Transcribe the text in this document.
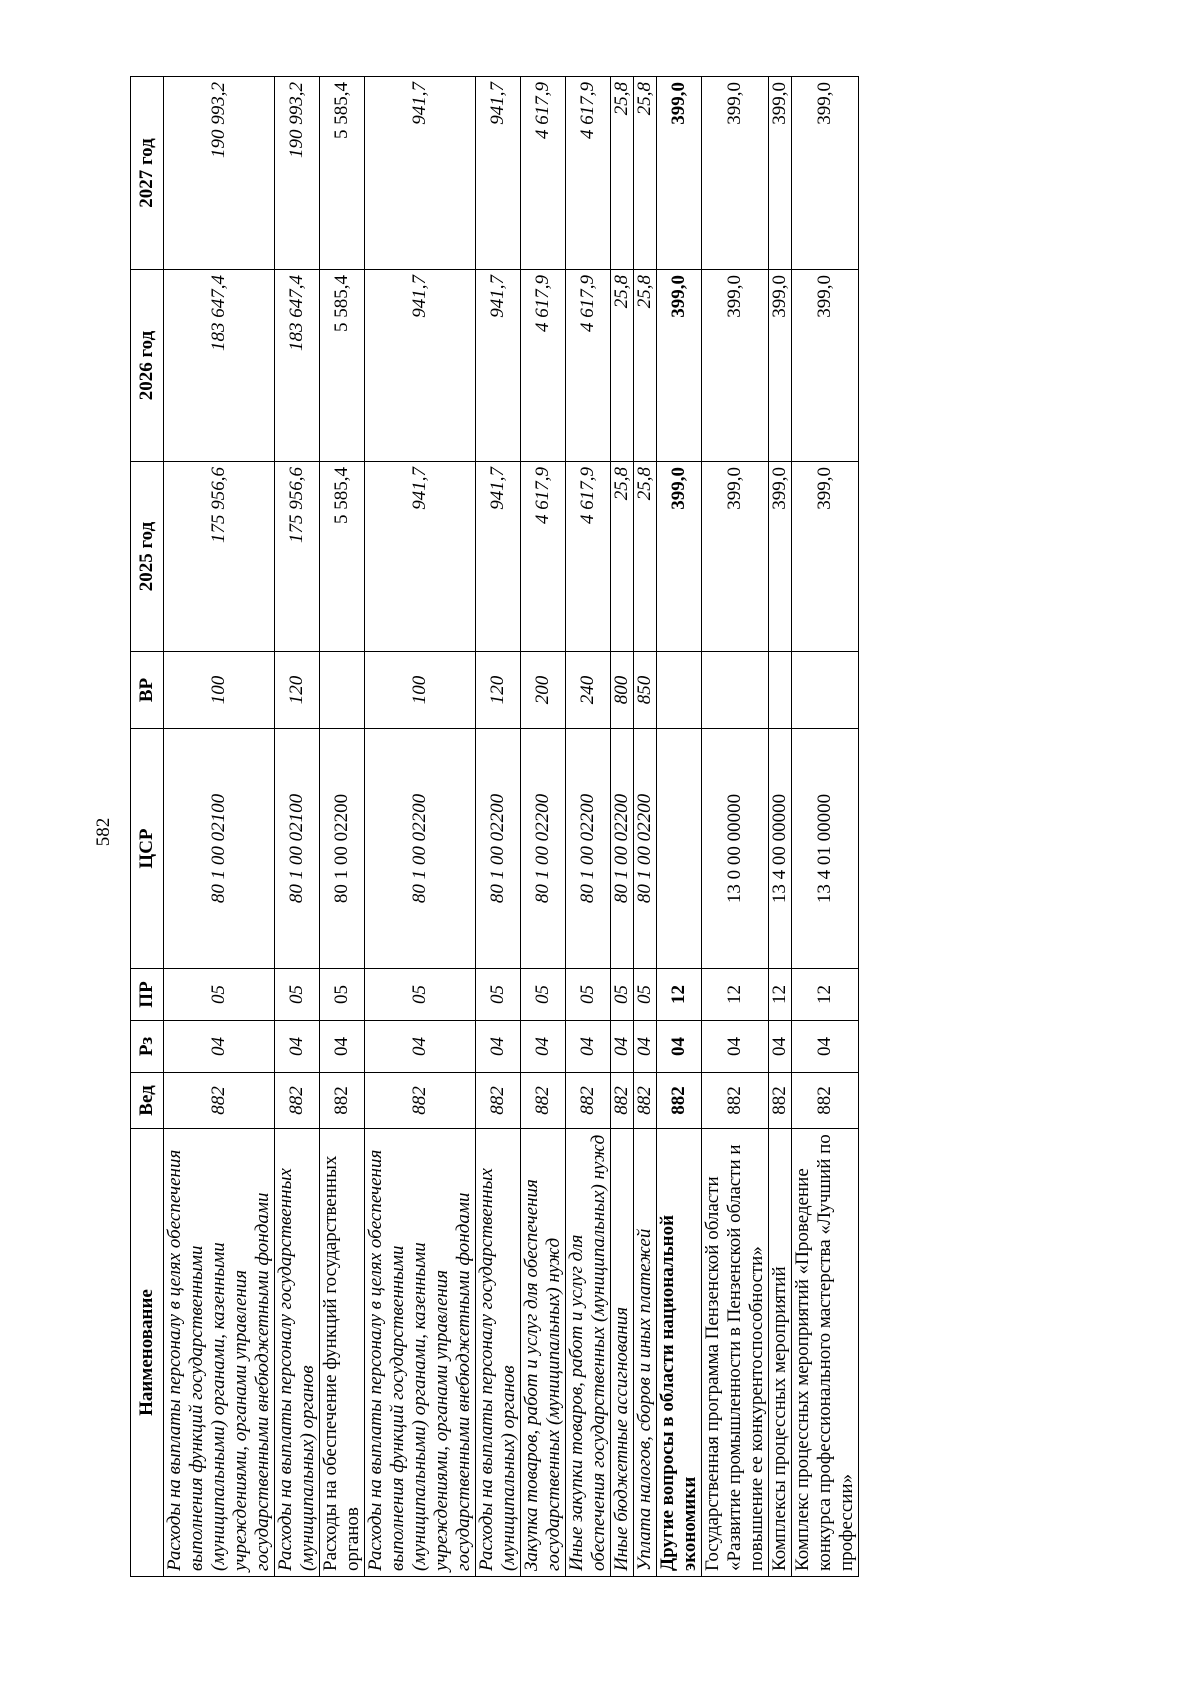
582
Наименование	Вед	Рз	ПР	ЦСР	ВР	2025 год	2026 год	2027 год
Расходы на выплаты персоналу в целях обеспечения выполнения функций государственными (муниципальными) органами, казенными учреждениями, органами управления государственными внебюджетными фондами	882	04	05	80 1 00 02100	100	175 956,6	183 647,4	190 993,2
Расходы на выплаты персоналу государственных (муниципальных) органов	882	04	05	80 1 00 02100	120	175 956,6	183 647,4	190 993,2
Расходы на обеспечение функций государственных органов	882	04	05	80 1 00 02200		5 585,4	5 585,4	5 585,4
Расходы на выплаты персоналу в целях обеспечения выполнения функций государственными (муниципальными) органами, казенными учреждениями, органами управления государственными внебюджетными фондами	882	04	05	80 1 00 02200	100	941,7	941,7	941,7
Расходы на выплаты персоналу государственных (муниципальных) органов	882	04	05	80 1 00 02200	120	941,7	941,7	941,7
Закупка товаров, работ и услуг для обеспечения государственных (муниципальных) нужд	882	04	05	80 1 00 02200	200	4 617,9	4 617,9	4 617,9
Иные закупки товаров, работ и услуг для обеспечения государственных (муниципальных) нужд	882	04	05	80 1 00 02200	240	4 617,9	4 617,9	4 617,9
Иные бюджетные ассигнования	882	04	05	80 1 00 02200	800	25,8	25,8	25,8
Уплата налогов, сборов и иных платежей	882	04	05	80 1 00 02200	850	25,8	25,8	25,8
Другие вопросы в области национальной экономики	882	04	12			399,0	399,0	399,0
Государственная программа Пензенской области «Развитие промышленности в Пензенской области и повышение ее конкурентоспособности»	882	04	12	13 0 00 00000		399,0	399,0	399,0
Комплексы процессных мероприятий	882	04	12	13 4 00 00000		399,0	399,0	399,0
Комплекс процессных мероприятий «Проведение конкурса профессионального мастерства «Лучший по профессии»	882	04	12	13 4 01 00000		399,0	399,0	399,0
